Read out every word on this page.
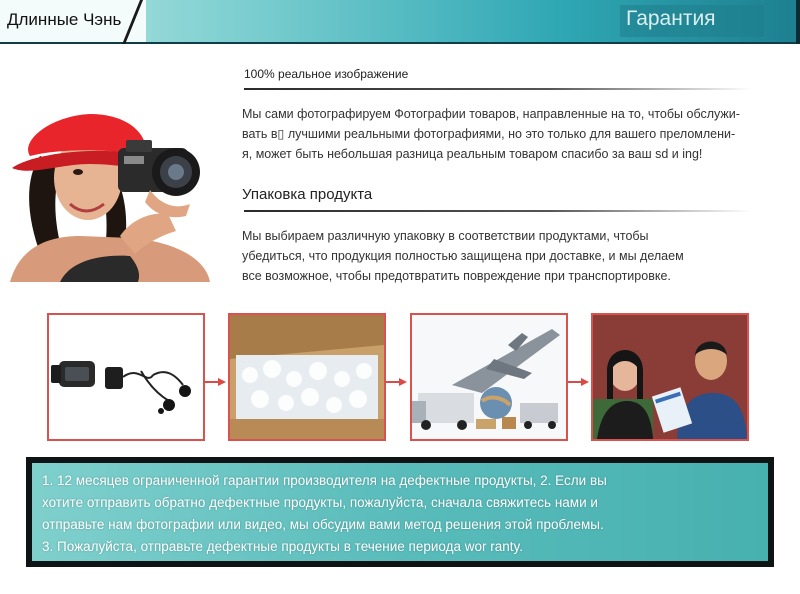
Длинные Чэнь	Гарантия
100% реальное изображение
Мы сами фотографируем Фотографии товаров, направленные на то, чтобы обслужи-
вать в▯ лучшими реальными фотографиями, но это только для вашего преломлени-
я, может быть небольшая разница реальным товаром спасибо за ваш sd и ing!
Упаковка продукта
Мы выбираем различную упаковку в соответствии продуктами, чтобы
убедиться, что продукция полностью защищена при доставке, и мы делаем
все возможное, чтобы предотвратить повреждение при транспортировке.
1. 12 месяцев ограниченной гарантии производителя на дефектные продукты, 2. Если вы
хотите отправить обратно дефектные продукты, пожалуйста, сначала свяжитесь нами и
отправьте нам фотографии или видео, мы обсудим вами метод решения этой проблемы.
3. Пожалуйста, отправьте дефектные продукты в течение периода wor ranty.
